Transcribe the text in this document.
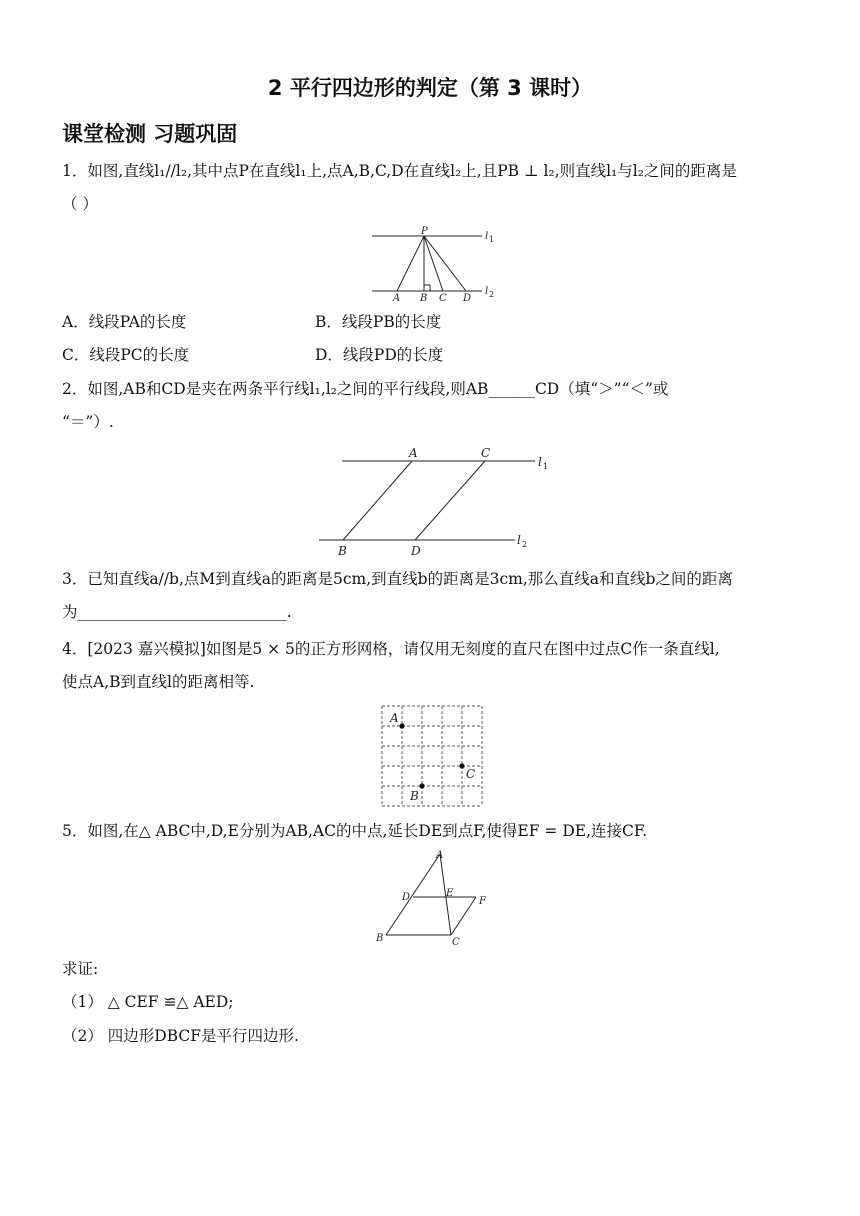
2 平行四边形的判定（第 3 课时）
课堂检测 习题巩固
1．如图,直线l₁//l₂,其中点P在直线l₁上,点A,B,C,D在直线l₂上,且PB ⊥ l₂,则直线l₁与l₂之间的距离是
（ ）
P
A B C D
l 1
l 2
A．线段PA的长度	B．线段PB的长度
C．线段PC的长度	D．线段PD的长度
2．如图,AB和CD是夹在两条平行线l₁,l₂之间的平行线段,则AB______CD（填“＞”“＜”或
“＝”）.
A	C
B	D
l 1
l 2
3．已知直线a//b,点M到直线a的距离是5cm,到直线b的距离是3cm,那么直线a和直线b之间的距离
为___________________________.
4．[2023 嘉兴模拟]如图是5 × 5的正方形网格，请仅用无刻度的直尺在图中过点C作一条直线l,
使点A,B到直线l的距离相等.
A
C
B
5．如图,在△ ABC中,D,E分别为AB,AC的中点,延长DE到点F,使得EF = DE,连接CF.
A
D	E
F
B	C
求证:
（1） △ CEF ≌△ AED;
（2） 四边形DBCF是平行四边形.
